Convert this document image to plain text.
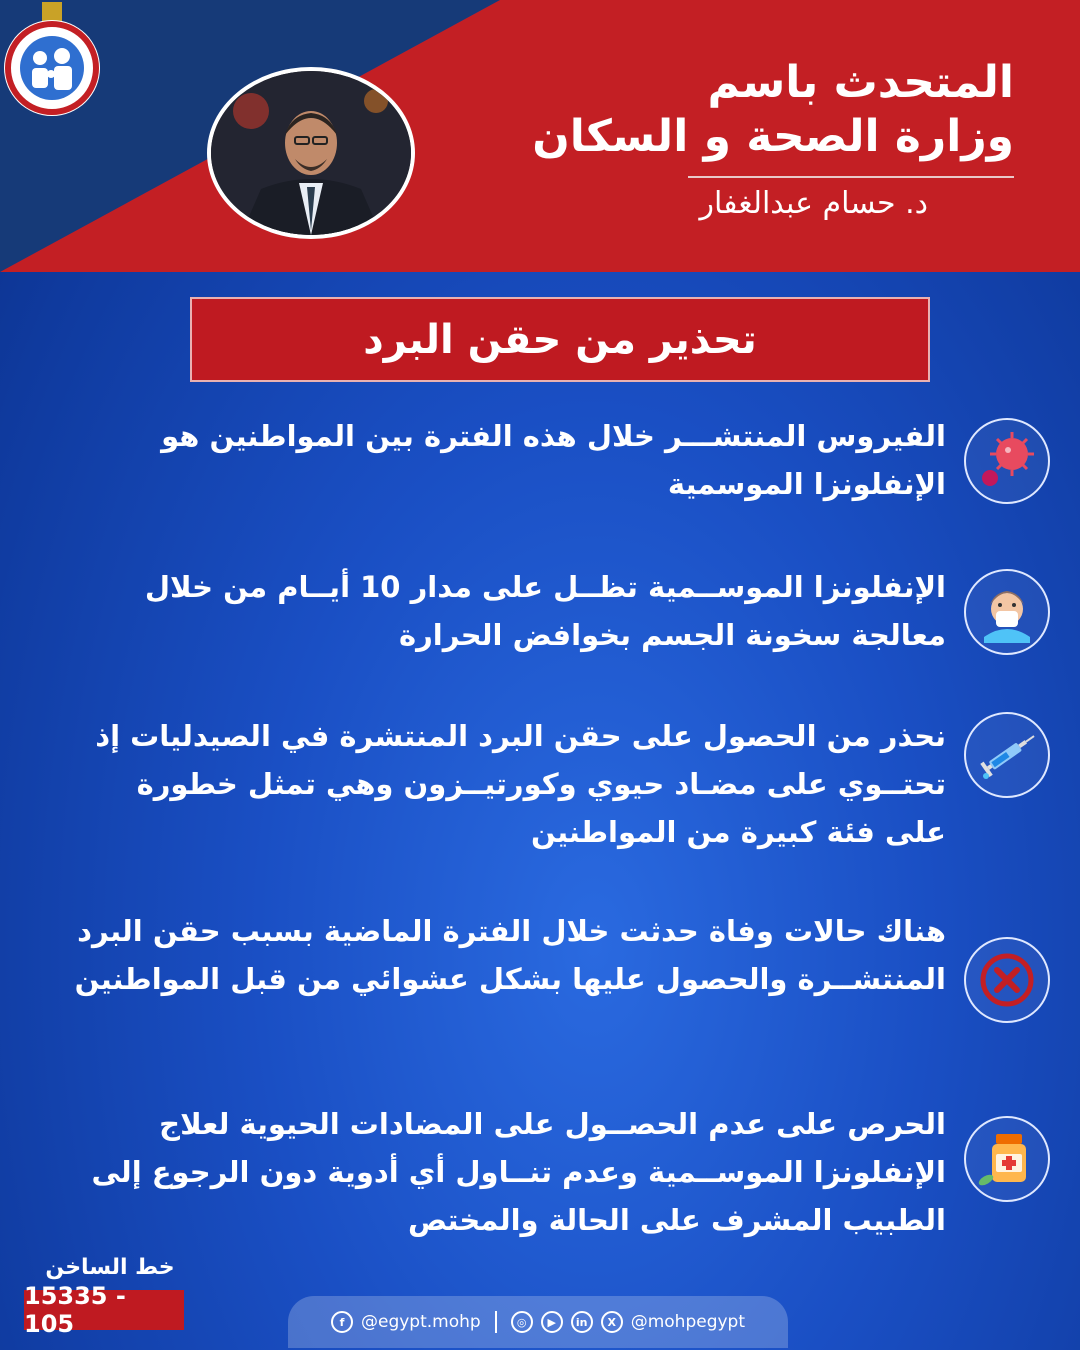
المتحدث باسم
وزارة الصحة و السكان
د. حسام عبدالغفار
تحذير من حقن البرد
الفيروس المنتشـــر خلال هذه الفترة بين المواطنين هو الإنفلونزا الموسمية
الإنفلونزا الموســمية تظــل على مدار 10 أيــام من خلال معالجة سخونة الجسم بخوافض الحرارة
نحذر من الحصول على حقن البرد المنتشرة في الصيدليات إذ تحتــوي على مضـاد حيوي وكورتيــزون وهي تمثل خطورة على فئة كبيرة من المواطنين
هناك حالات وفاة حدثت خلال الفترة الماضية بسبب حقن البرد المنتشــرة والحصول عليها بشكل عشوائي من قبل المواطنين
الحرص على عدم الحصــول على المضادات الحيوية لعلاج الإنفلونزا الموســمية وعدم تنــاول أي أدوية دون الرجوع إلى الطبيب المشرف على الحالة والمختص
خط الساخن
15335 - 105	f @egypt.mohp	◎	▶	in	X @mohpegypt
